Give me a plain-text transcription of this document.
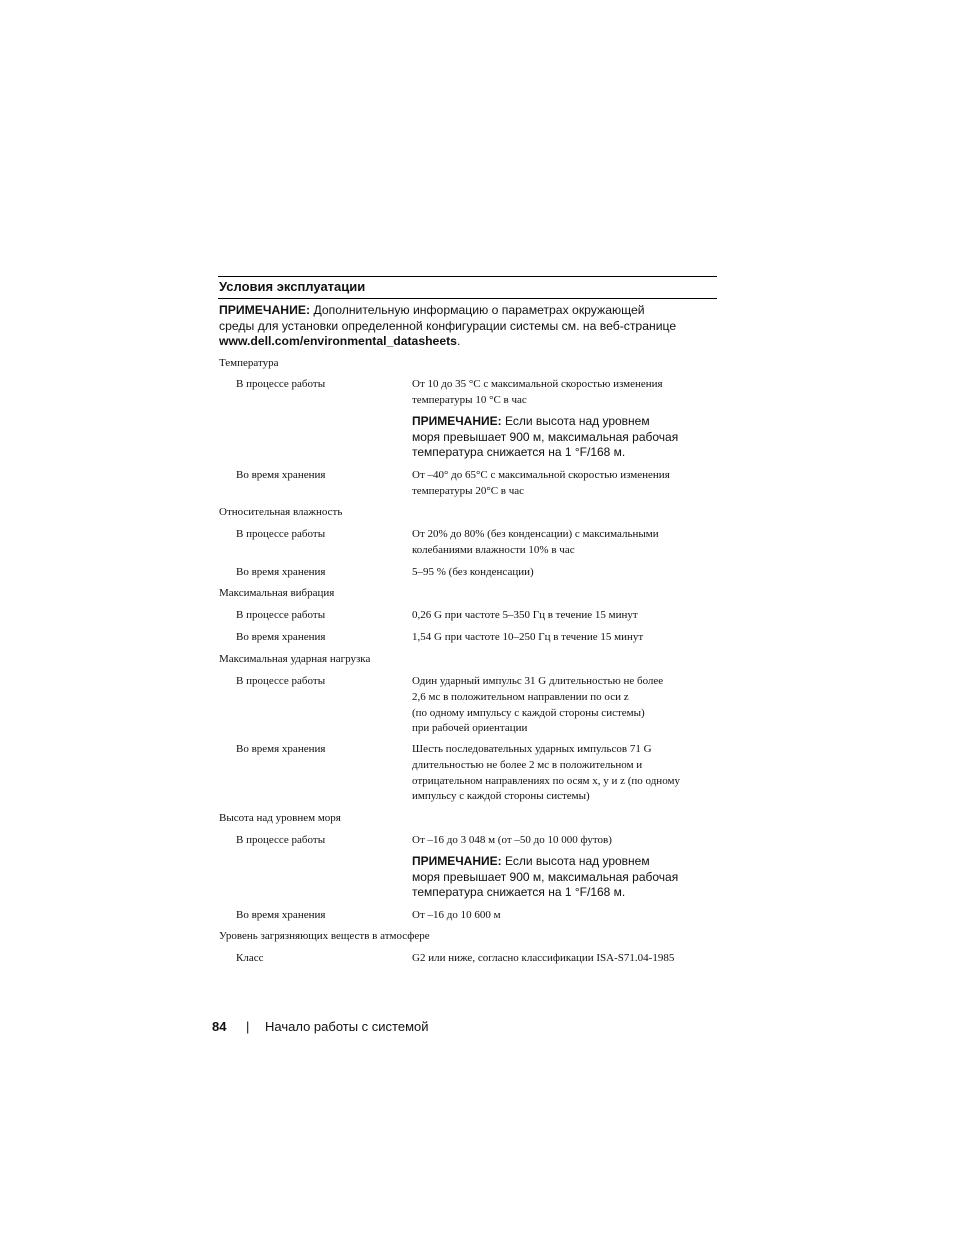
Условия эксплуатации
ПРИМЕЧАНИЕ: Дополнительную информацию о параметрах окружающей
среды для установки определенной конфигурации системы см. на веб-странице
www.dell.com/environmental_datasheets.
Температура
В процессе работы	От 10 до 35 °C с максимальной скоростью изменения
температуры 10 °C в час
ПРИМЕЧАНИЕ: Если высота над уровнем
моря превышает 900 м, максимальная рабочая
температура снижается на 1 °F/168 м.
Во время хранения	От –40° до 65°C с максимальной скоростью изменения
температуры 20°C в час
Относительная влажность
В процессе работы	От 20% до 80% (без конденсации) с максимальными
колебаниями влажности 10% в час
Во время хранения	5–95 % (без конденсации)
Максимальная вибрация
В процессе работы	0,26 G при частоте 5–350 Гц в течение 15 минут
Во время хранения	1,54 G при частоте 10–250 Гц в течение 15 минут
Максимальная ударная нагрузка
В процессе работы	Один ударный импульс 31 G длительностью не более
2,6 мс в положительном направлении по оси z
(по одному импульсу с каждой стороны системы)
при рабочей ориентации
Во время хранения	Шесть последовательных ударных импульсов 71 G
длительностью не более 2 мс в положительном и
отрицательном направлениях по осям x, y и z (по одному
импульсу с каждой стороны системы)
Высота над уровнем моря
В процессе работы	От –16 до 3 048 м (от –50 до 10 000 футов)
ПРИМЕЧАНИЕ: Если высота над уровнем
моря превышает 900 м, максимальная рабочая
температура снижается на 1 °F/168 м.
Во время хранения	От –16 до 10 600 м
Уровень загрязняющих веществ в атмосфере
Класс	G2 или ниже, согласно классификации ISA-S71.04-1985
84 | Начало работы с системой
